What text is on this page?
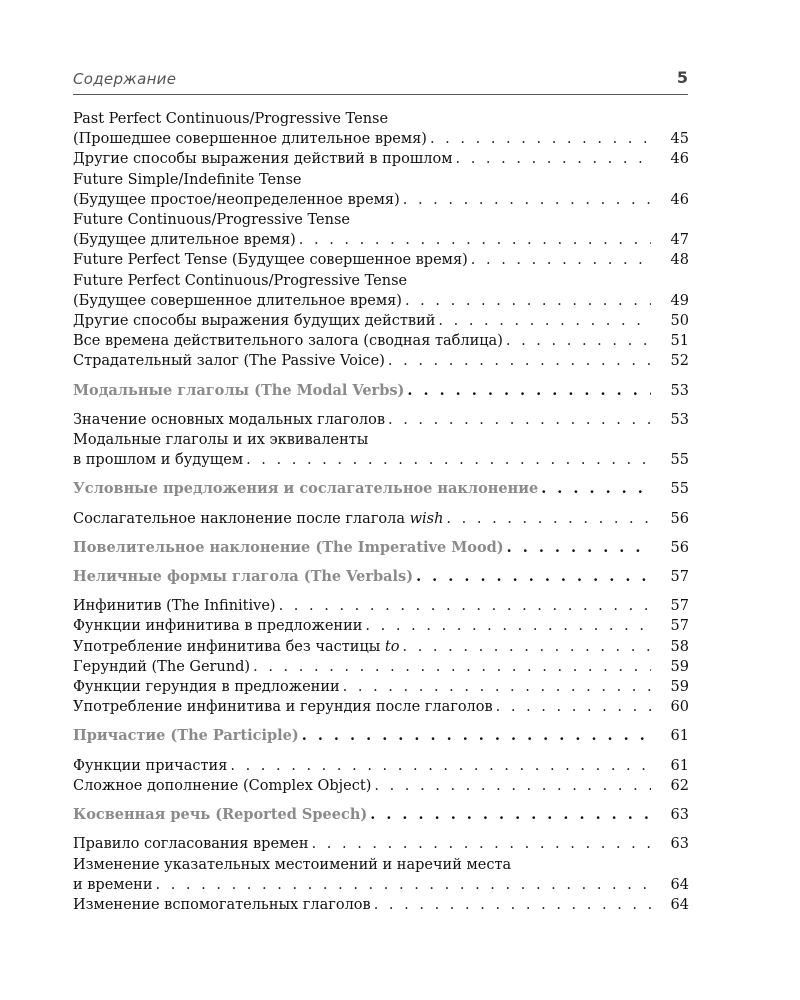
Содержание	5
Past Perfect Continuous/Progressive Tense
(Прошедшее совершенное длительное время) . . .	45
Другие способы выражения действий в прошлом . . .	46
Future Simple/Indefinite Tense
(Будущее простое/неопределенное время) . . .	46
Future Continuous/Progressive Tense
(Будущее длительное время) . . .	47
Future Perfect Tense (Будущее совершенное время) . . .	48
Future Perfect Continuous/Progressive Tense
(Будущее совершенное длительное время) . . .	49
Другие способы выражения будущих действий . . .	50
Все времена действительного залога (сводная таблица) . . .	51
Страдательный залог (The Passive Voice) . . .	52
Модальные глаголы (The Modal Verbs) . . .	53
Значение основных модальных глаголов . . .	53
Модальные глаголы и их эквиваленты
в прошлом и будущем . . .	55
Условные предложения и сослагательное наклонение . . .	55
Сослагательное наклонение после глагола wish . . .	56
Повелительное наклонение (The Imperative Mood) . . .	56
Неличные формы глагола (The Verbals) . . .	57
Инфинитив (The Infinitive) . . .	57
Функции инфинитива в предложении . . .	57
Употребление инфинитива без частицы to . . .	58
Герундий (The Gerund) . . .	59
Функции герундия в предложении . . .	59
Употребление инфинитива и герундия после глаголов . . .	60
Причастие (The Participle) . . .	61
Функции причастия . . .	61
Сложное дополнение (Complex Object) . . .	62
Косвенная речь (Reported Speech) . . .	63
Правило согласования времен . . .	63
Изменение указательных местоимений и наречий места
и времени . . .	64
Изменение вспомогательных глаголов . . .	64
